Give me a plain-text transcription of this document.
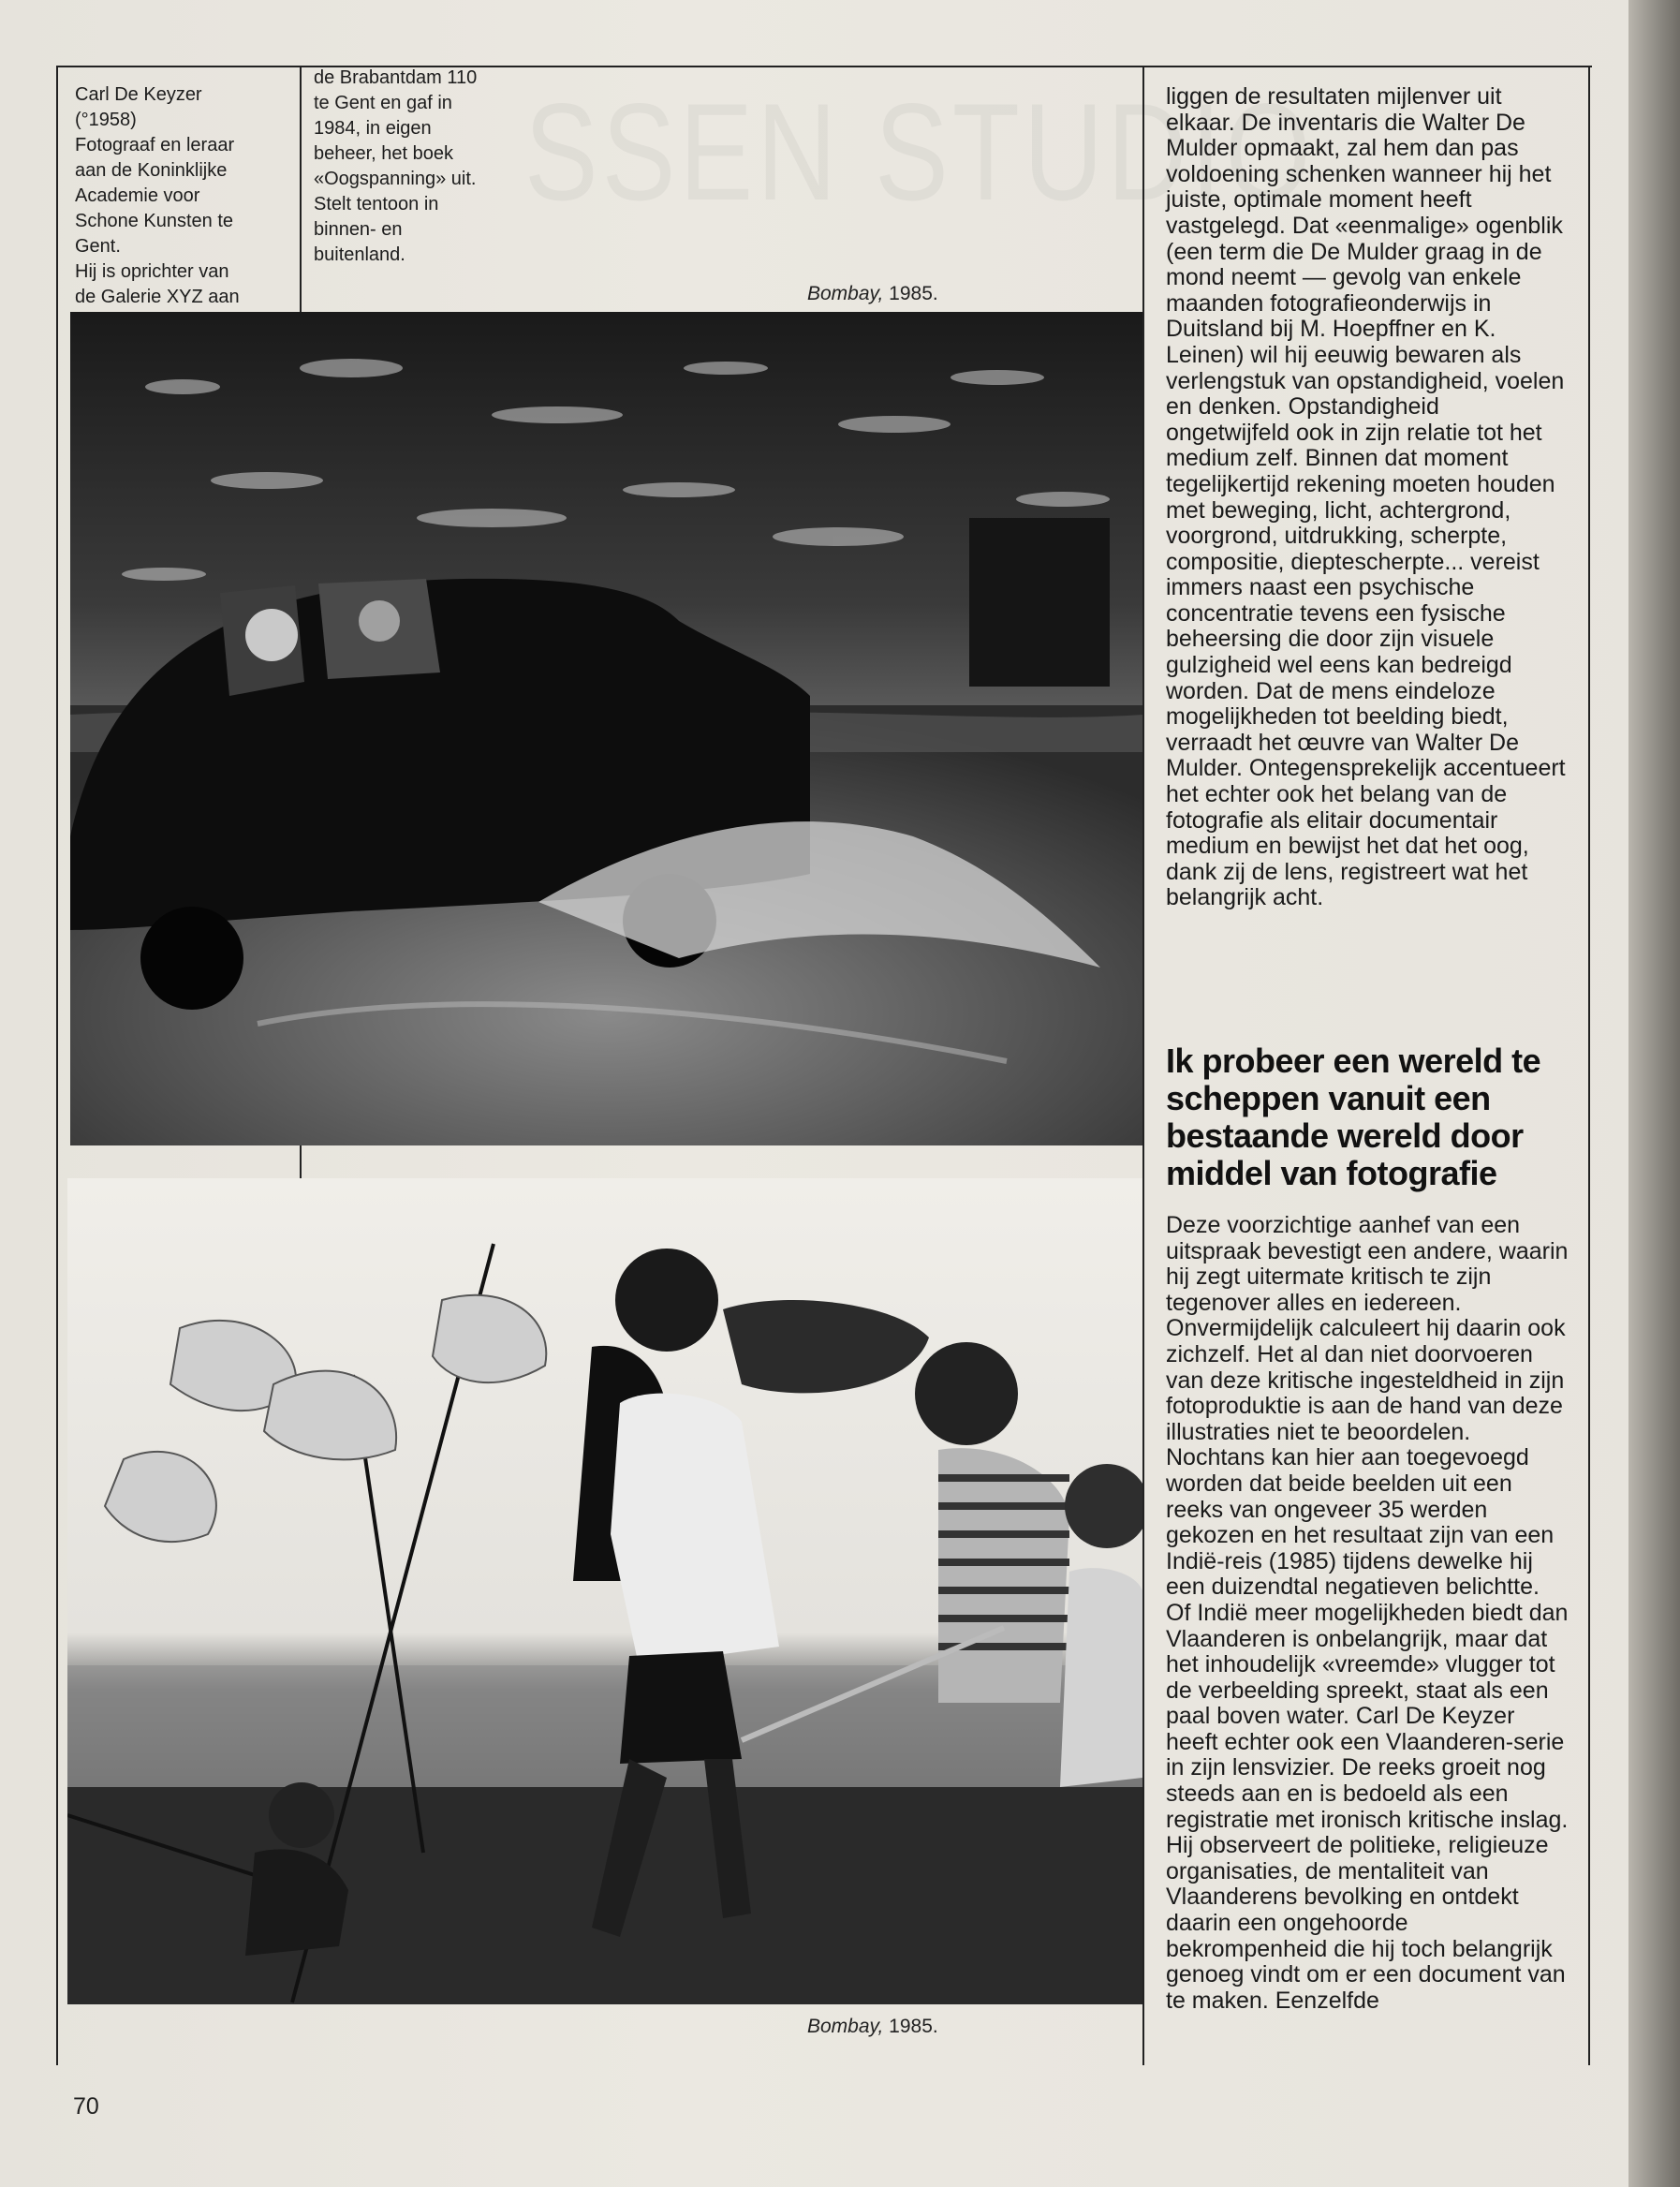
Carl De Keyzer
(°1958)
Fotograaf en leraar
aan de Koninklijke
Academie voor
Schone Kunsten te
Gent.
Hij is oprichter van
de Galerie XYZ aan
de Brabantdam 110
te Gent en gaf in
1984, in eigen
beheer, het boek
«Oogspanning» uit.
Stelt tentoon in
binnen- en
buitenland.
Bombay, 1985.
Bombay, 1985.
liggen de resultaten mijlenver uit elkaar. De inventaris die Walter De Mulder opmaakt, zal hem dan pas voldoening schenken wanneer hij het juiste, optimale moment heeft vastgelegd. Dat «eenmalige» ogenblik (een term die De Mulder graag in de mond neemt — gevolg van enkele maanden fotografieonderwijs in Duitsland bij M. Hoepffner en K. Leinen) wil hij eeuwig bewaren als verlengstuk van opstandigheid, voelen en denken. Opstandigheid ongetwijfeld ook in zijn relatie tot het medium zelf. Binnen dat moment tegelijkertijd rekening moeten houden met beweging, licht, achtergrond, voorgrond, uitdrukking, scherpte, compositie, dieptescherpte... vereist immers naast een psychische concentratie tevens een fysische beheersing die door zijn visuele gulzigheid wel eens kan bedreigd worden. Dat de mens eindeloze mogelijkheden tot beelding biedt, verraadt het œuvre van Walter De Mulder. Ontegensprekelijk accentueert het echter ook het belang van de fotografie als elitair documentair medium en bewijst het dat het oog, dank zij de lens, registreert wat het belangrijk acht.
Ik probeer een wereld te scheppen vanuit een bestaande wereld door middel van fotografie
Deze voorzichtige aanhef van een uitspraak bevestigt een andere, waarin hij zegt uitermate kritisch te zijn tegenover alles en iedereen. Onvermijdelijk calculeert hij daarin ook zichzelf. Het al dan niet doorvoeren van deze kritische ingesteldheid in zijn fotoproduktie is aan de hand van deze illustraties niet te beoordelen. Nochtans kan hier aan toegevoegd worden dat beide beelden uit een reeks van ongeveer 35 werden gekozen en het resultaat zijn van een Indië-reis (1985) tijdens dewelke hij een duizendtal negatieven belichtte. Of Indië meer mogelijkheden biedt dan Vlaanderen is onbelangrijk, maar dat het inhoudelijk «vreemde» vlugger tot de verbeelding spreekt, staat als een paal boven water. Carl De Keyzer heeft echter ook een Vlaanderen-serie in zijn lensvizier. De reeks groeit nog steeds aan en is bedoeld als een registratie met ironisch kritische inslag. Hij observeert de politieke, religieuze organisaties, de mentaliteit van Vlaanderens bevolking en ontdekt daarin een ongehoorde bekrompenheid die hij toch belangrijk genoeg vindt om er een document van te maken. Eenzelfde
70
